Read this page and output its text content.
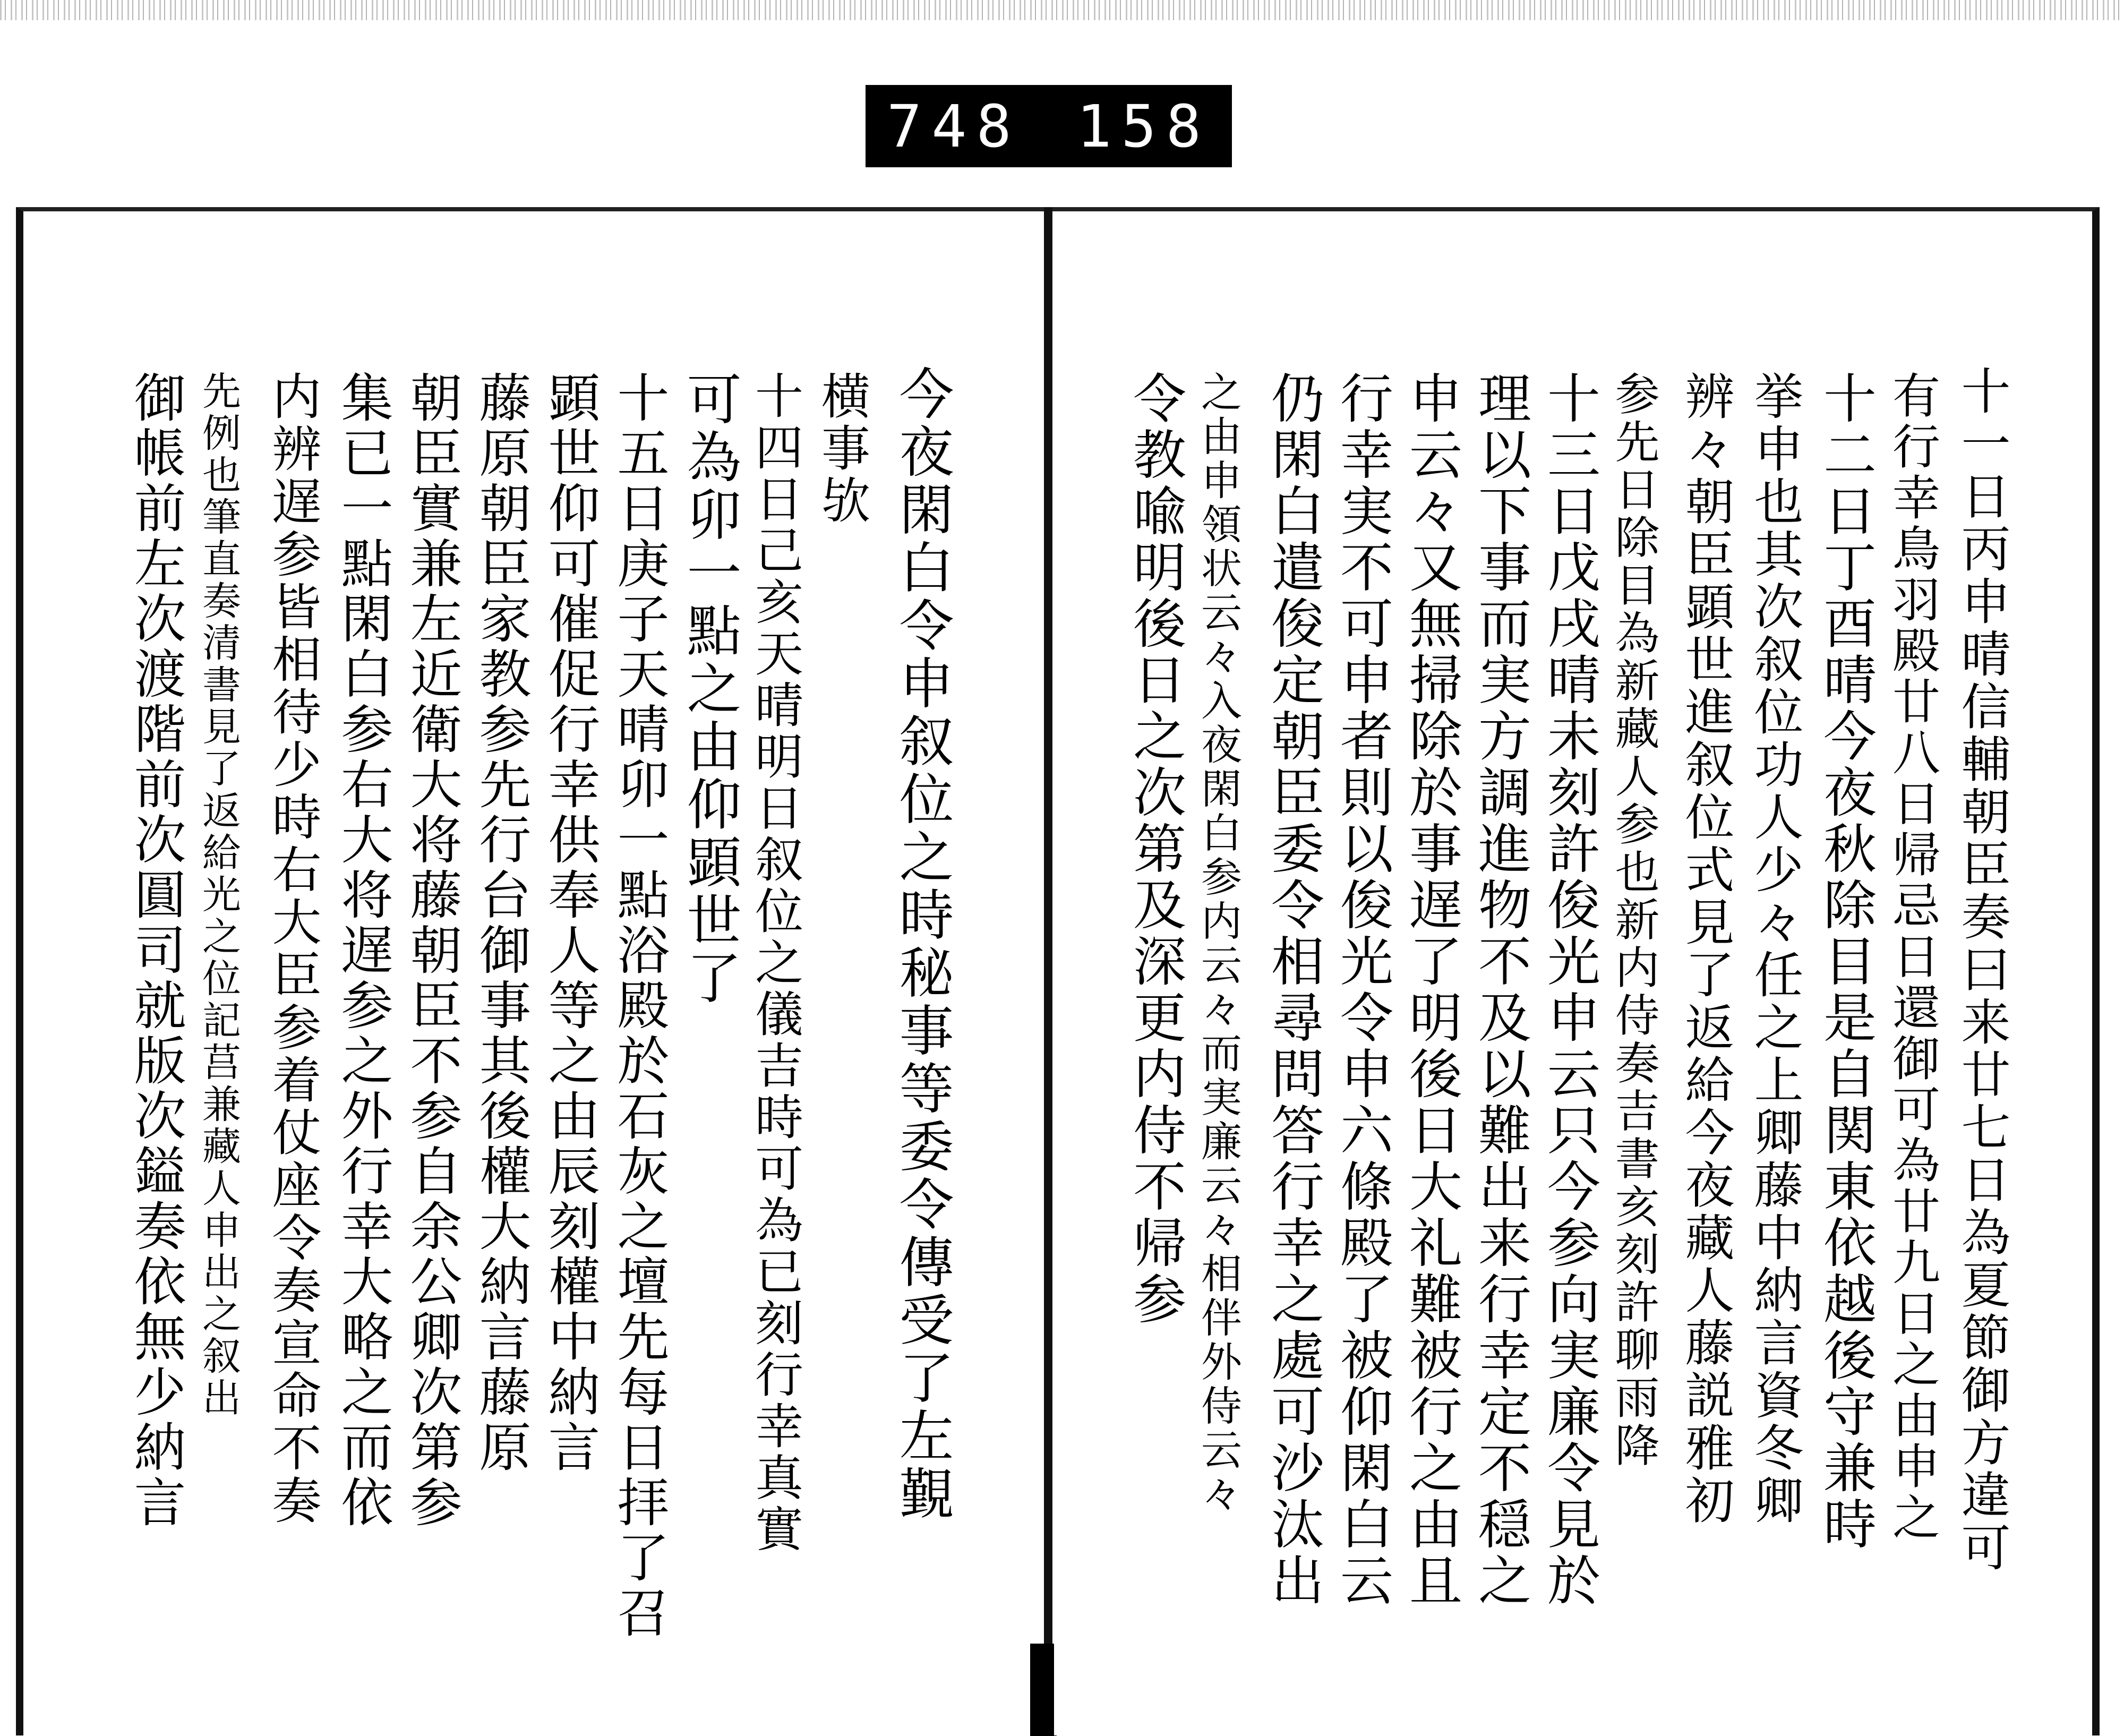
748 158
今夜閑白令申叙位之時秘事等委令傳受了左覲
横事欤
十四日己亥天晴明日叙位之儀吉時可為已刻行幸真實
可為卯一點之由仰顕世了
十五日庚子天晴卯一點浴殿於石灰之壇先每日拝了召
顕世仰可催促行幸供奉人等之由辰刻權中納言
藤原朝臣家教参先行台御事其後權大納言藤原
朝臣實兼左近衛大将藤朝臣不参自余公卿次第参
集已一點閑白参右大将遅参之外行幸大略之而依
内辨遅参皆相待少時右大臣参着仗座令奏宣命不奏
先例也筆直奏清書見了返給光之位記莒兼藏人申出之叙出
御帳前左次渡階前次圓司就版次鎰奏依無少納言	十一日丙申晴信輔朝臣奏曰来廿七日為夏節御方違可
有行幸鳥羽殿廿八日帰忌日還御可為廿九日之由申之
十二日丁酉晴今夜秋除目是自関東依越後守兼時
挙申也其次叙位功人少々任之上卿藤中納言資冬卿
辨々朝臣顕世進叙位式見了返給今夜藏人藤説雅初
参先日除目為新藏人参也新内侍奏吉書亥刻許聊雨降
十三日戊戌晴未刻許俊光申云只今参向実廉令見於
理以下事而実方調進物不及以難出来行幸定不穏之
申云々又無掃除於事遅了明後日大礼難被行之由且
行幸実不可申者則以俊光令申六條殿了被仰閑白云
仍閑白遣俊定朝臣委令相尋問答行幸之處可沙汰出
之由申領状云々入夜閑白参内云々而実廉云々相伴外侍云々
令教喩明後日之次第及深更内侍不帰参
